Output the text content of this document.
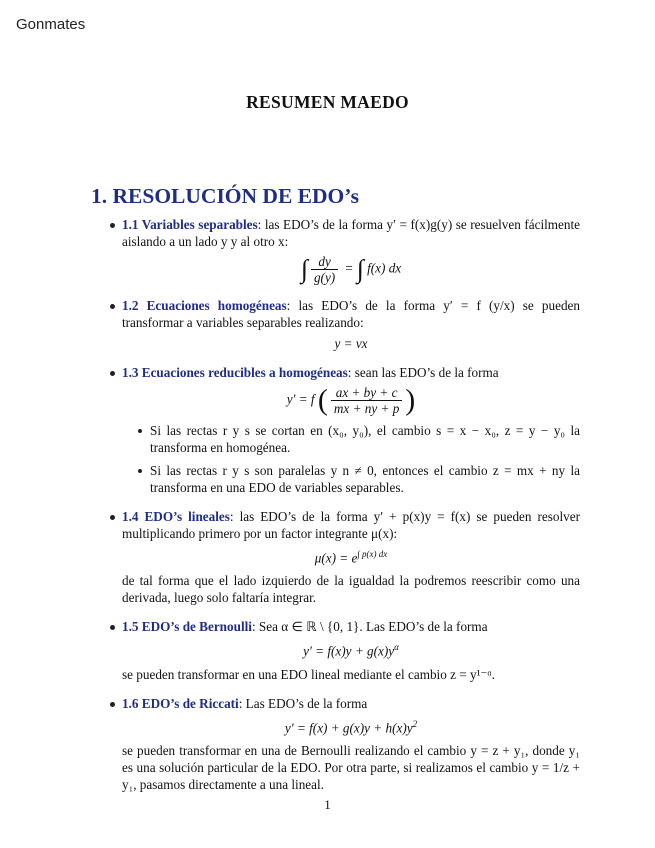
Gonmates
RESUMEN MAEDO
1. RESOLUCIÓN DE EDO’s
1.1 Variables separables: las EDO’s de la forma y′ = f(x)g(y) se resuelven fácilmente aislando a un lado y y al otro x:
∫ $\frac{dy}{g(y)}$ = ∫ f(x) dx
1.2 Ecuaciones homogéneas: las EDO’s de la forma y′ = f (y/x) se pueden transformar a variables separables realizando:
y = vx
1.3 Ecuaciones reducibles a homogéneas: sean las EDO’s de la forma
y′ = f ( $\frac{ax + by + c}{mx + ny + p}$ )
Si las rectas r y s se cortan en (x₀, y₀), el cambio s = x − x₀, z = y − y₀ la transforma en homogénea.
Si las rectas r y s son paralelas y n ≠ 0, entonces el cambio z = mx + ny la transforma en una EDO de variables separables.
1.4 EDO’s lineales: las EDO’s de la forma y′ + p(x)y = f(x) se pueden resolver multiplicando primero por un factor integrante μ(x):
$\mu(x) = e^{\int p(x) dx}$
de tal forma que el lado izquierdo de la igualdad la podremos reescribir como una derivada, luego solo faltaría integrar.
1.5 EDO’s de Bernoulli: Sea α ∈ ℝ \ {0, 1}. Las EDO’s de la forma
$y' = f(x)y + g(x)y^\alpha$
se pueden transformar en una EDO lineal mediante el cambio z = y¹⁻ᵅ.
1.6 EDO’s de Riccati: Las EDO’s de la forma
$y' = f(x) + g(x)y + h(x)y^2$
se pueden transformar en una de Bernoulli realizando el cambio y = z + y₁, donde y₁ es una solución particular de la EDO. Por otra parte, si realizamos el cambio y = 1/z + y₁, pasamos directamente a una lineal.
1
